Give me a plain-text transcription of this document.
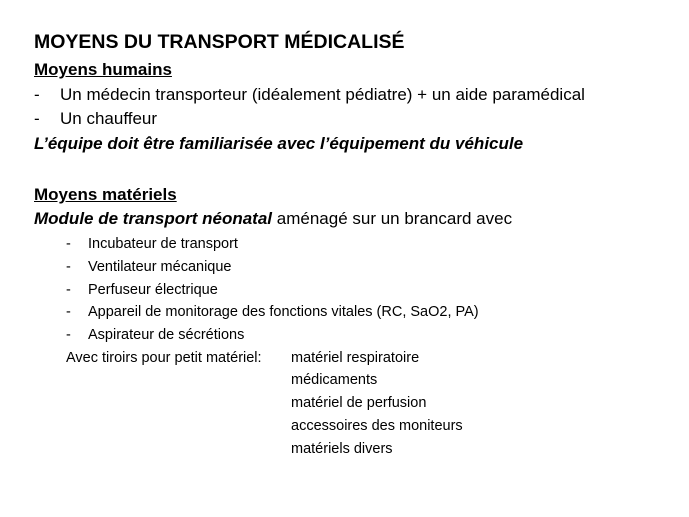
MOYENS DU TRANSPORT MÉDICALISÉ
Moyens humains
- Un médecin transporteur (idéalement pédiatre) + un aide paramédical
- Un chauffeur
L’équipe doit être familiarisée avec l’équipement du véhicule
Moyens matériels
Module de transport néonatal aménagé sur un brancard avec
- Incubateur de transport
- Ventilateur mécanique
- Perfuseur électrique
- Appareil de monitorage des fonctions vitales (RC, SaO2, PA)
- Aspirateur de sécrétions
Avec tiroirs pour petit matériel: matériel respiratoire
médicaments
matériel de perfusion
accessoires des moniteurs
matériels divers
